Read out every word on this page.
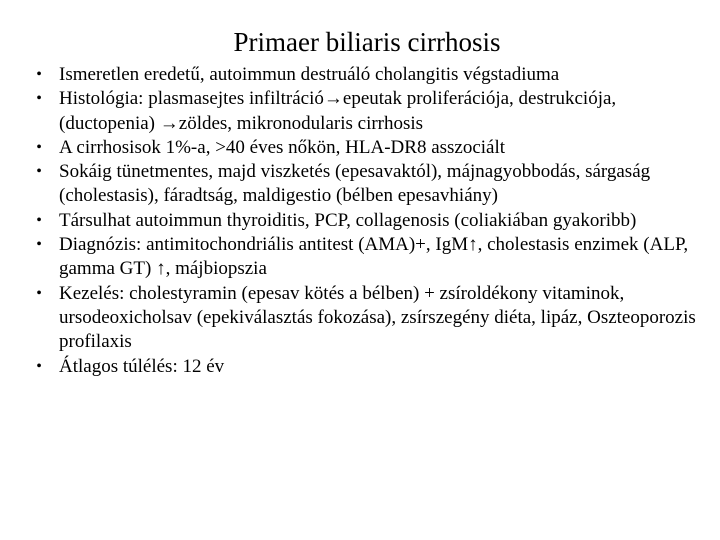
Primaer biliaris cirrhosis
• Ismeretlen eredetű, autoimmun destruáló cholangitis végstadiuma
• Histológia: plasmasejtes infiltráció→epeutak proliferációja, destrukciója, (ductopenia) →zöldes, mikronodularis cirrhosis
• A cirrhosisok 1%-a, >40 éves nőkön, HLA-DR8 asszociált
• Sokáig tünetmentes, majd viszketés (epesavaktól), májnagyobbodás, sárgaság (cholestasis), fáradtság, maldigestio (bélben epesavhiány)
• Társulhat autoimmun thyroiditis, PCP, collagenosis (coliakiában gyakoribb)
• Diagnózis: antimitochondriális antitest (AMA)+, IgM↑, cholestasis enzimek (ALP, gamma GT) ↑, májbiopszia
• Kezelés: cholestyramin (epesav kötés a bélben) + zsíroldékony vitaminok, ursodeoxicholsav (epekiválasztás fokozása), zsírszegény diéta, lipáz, Oszteoporozis profilaxis
• Átlagos túlélés: 12 év
